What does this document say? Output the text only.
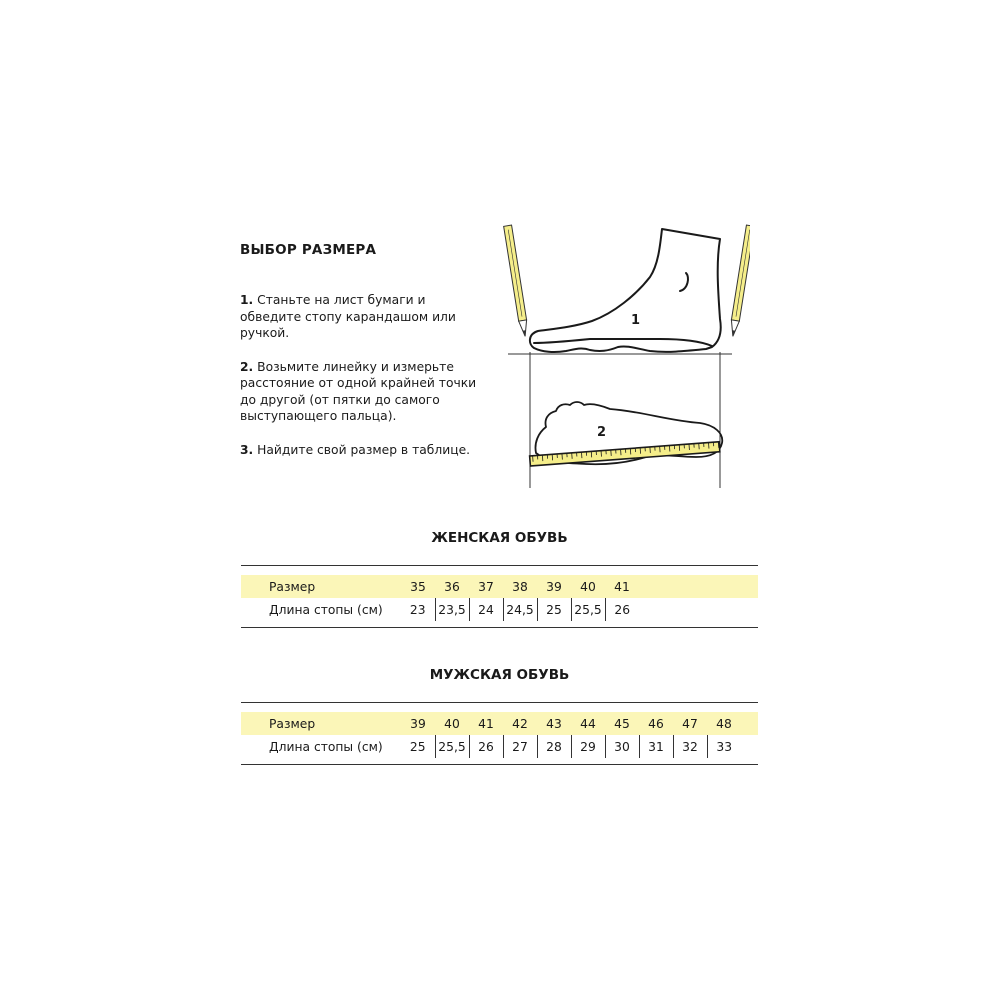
ВЫБОР РАЗМЕРА

1. Станьте на лист бумаги и обведите стопу карандашом или ручкой.

2. Возьмите линейку и измерьте расстояние от одной крайней точки до другой (от пятки до самого выступающего пальца).

3. Найдите свой размер в таблице.

1
2
ЖЕНСКАЯ ОБУВЬ
Размер	35	36	37	38	39	40	41	
Длина стопы (см)	23	23,5	24	24,5	25	25,5	26	
МУЖСКАЯ ОБУВЬ
Размер	39	40	41	42	43	44	45	46	47	48	
Длина стопы (см)	25	25,5	26	27	28	29	30	31	32	33	
